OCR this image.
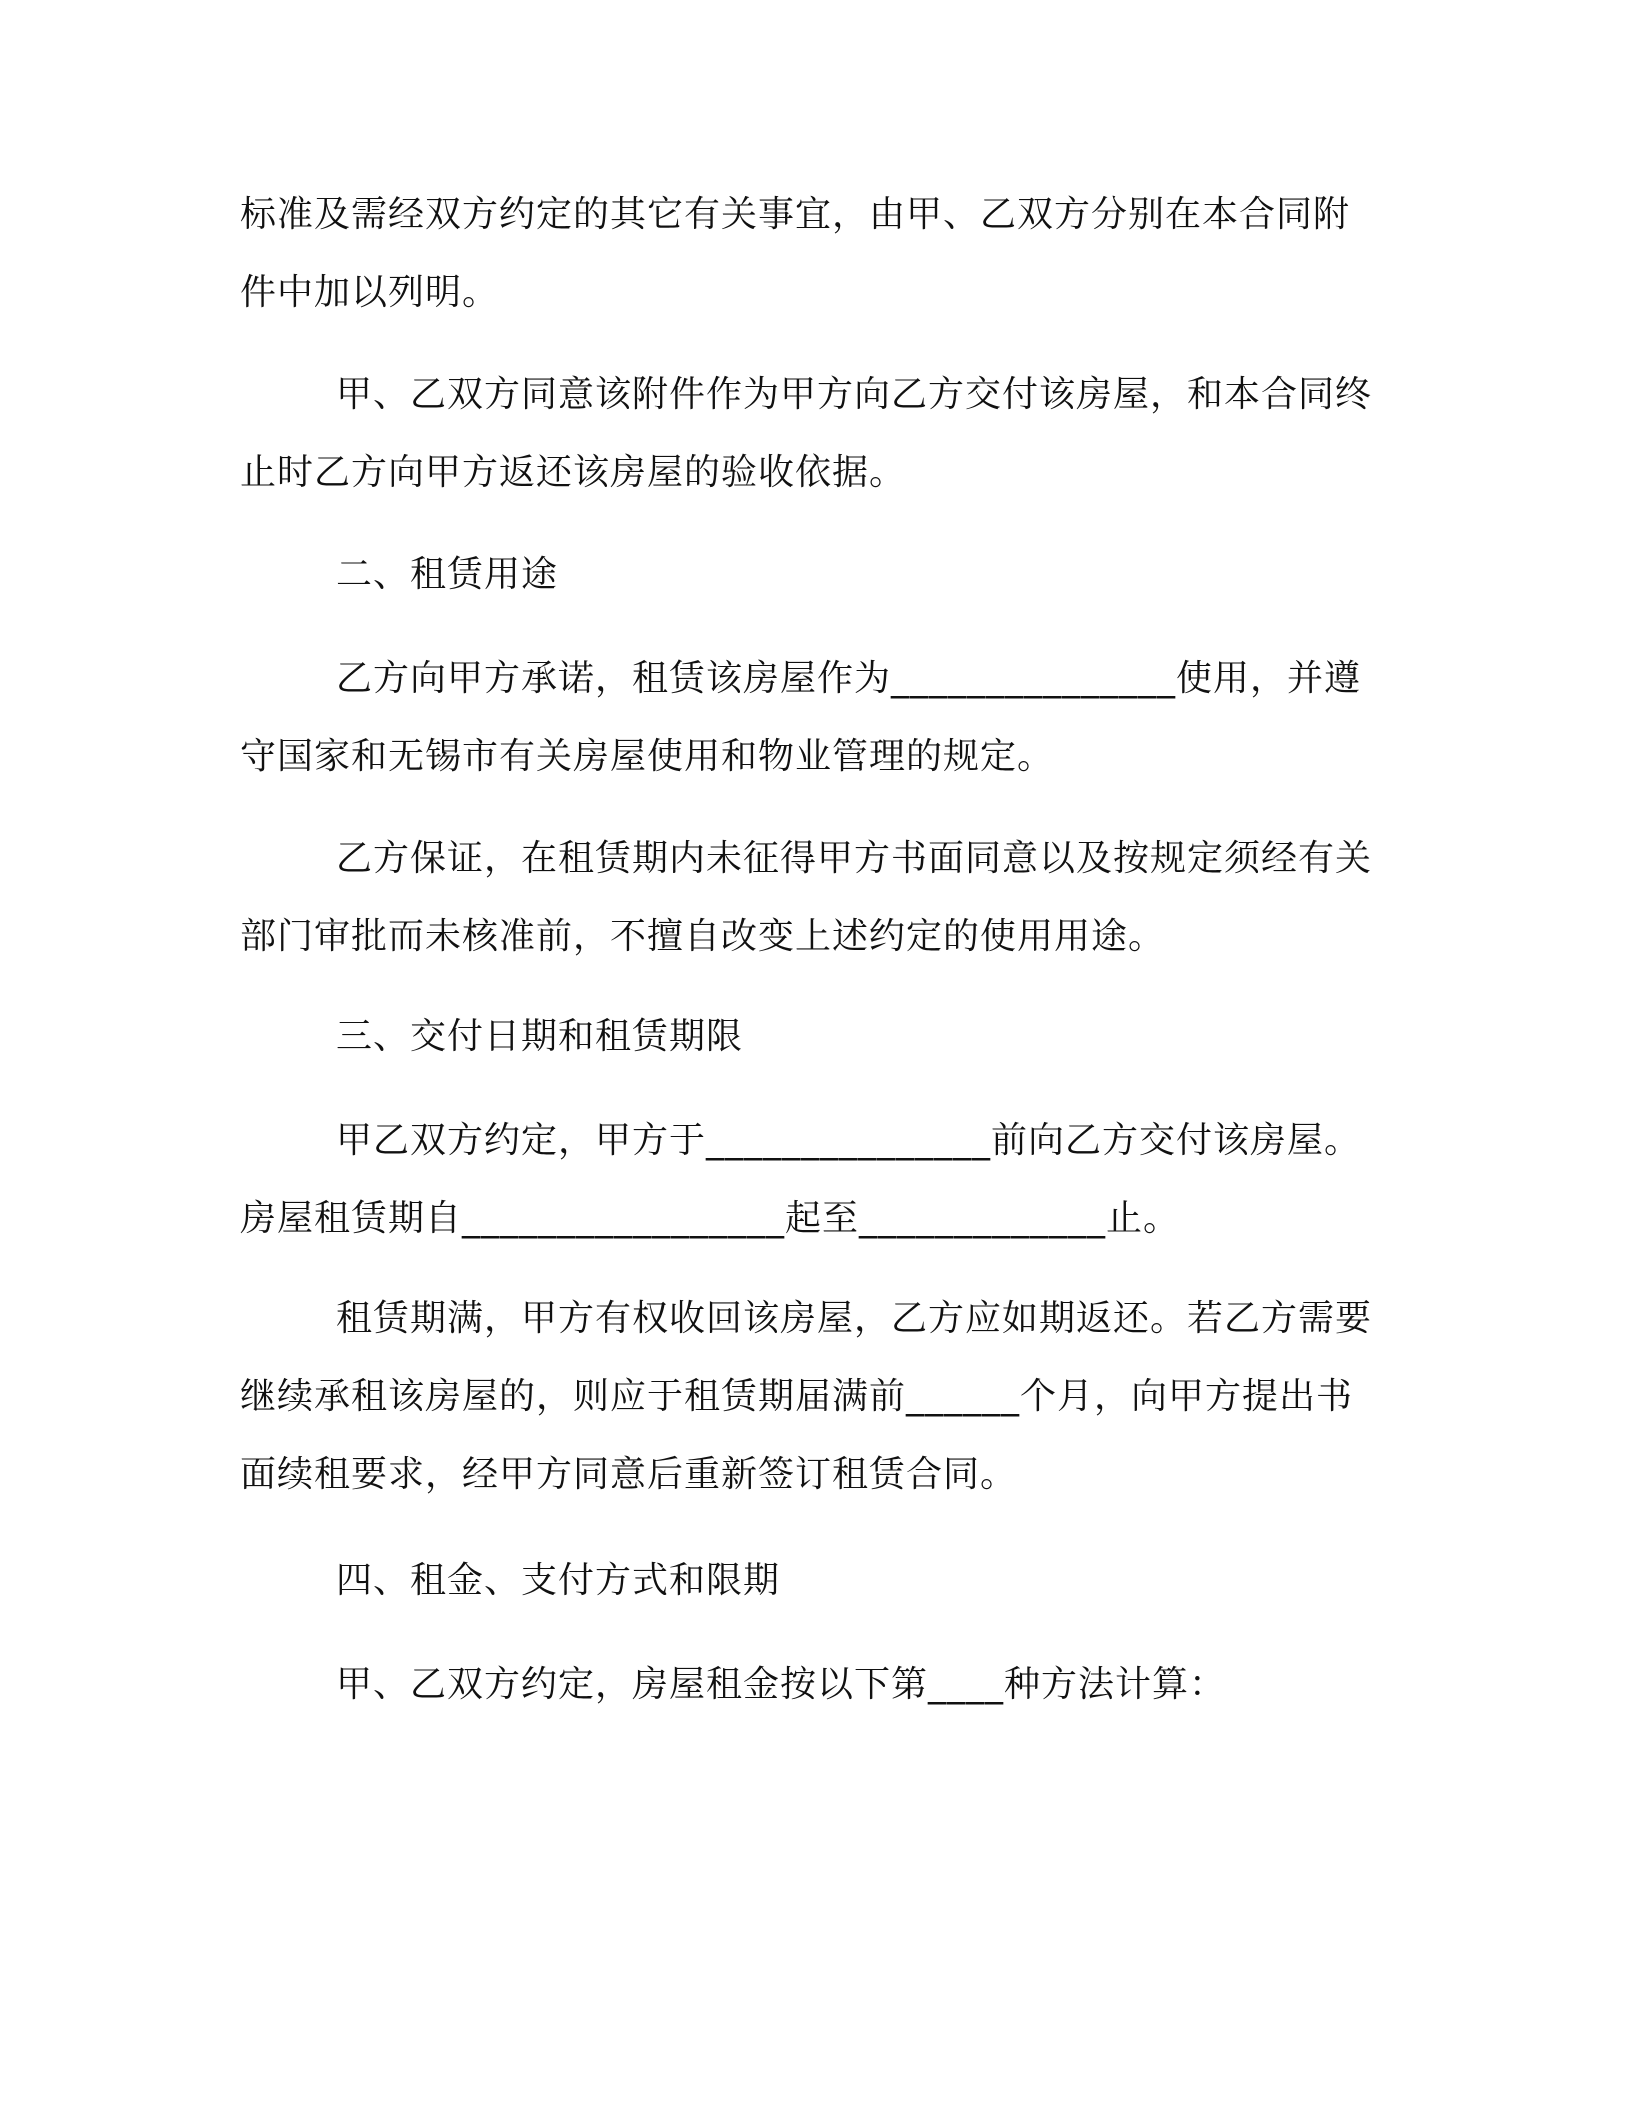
标准及需经双方约定的其它有关事宜，由甲、乙双方分别在本合同附
件中加以列明。
甲、乙双方同意该附件作为甲方向乙方交付该房屋，和本合同终
止时乙方向甲方返还该房屋的验收依据。
二、租赁用途
乙方向甲方承诺，租赁该房屋作为_______________使用，并遵
守国家和无锡市有关房屋使用和物业管理的规定。
乙方保证，在租赁期内未征得甲方书面同意以及按规定须经有关
部门审批而未核准前，不擅自改变上述约定的使用用途。
三、交付日期和租赁期限
甲乙双方约定，甲方于_______________前向乙方交付该房屋。
房屋租赁期自_________________起至_____________止。
租赁期满，甲方有权收回该房屋，乙方应如期返还。若乙方需要
继续承租该房屋的，则应于租赁期届满前______个月，向甲方提出书
面续租要求，经甲方同意后重新签订租赁合同。
四、租金、支付方式和限期
甲、乙双方约定，房屋租金按以下第____种方法计算：
